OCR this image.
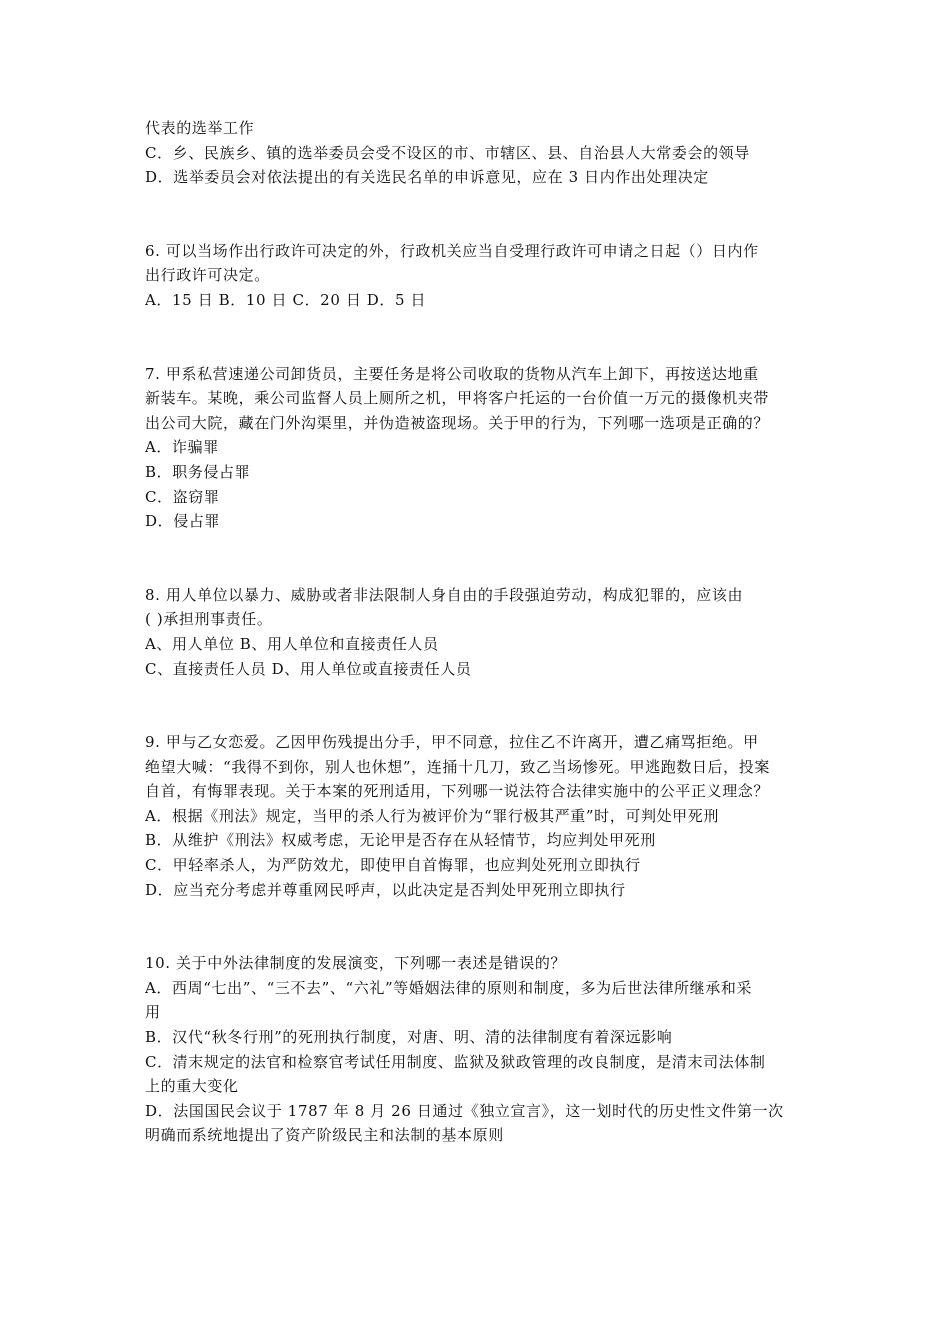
代表的选举工作
C．乡、民族乡、镇的选举委员会受不设区的市、市辖区、县、自治县人大常委会的领导
D．选举委员会对依法提出的有关选民名单的申诉意见，应在 3 日内作出处理决定
6. 可以当场作出行政许可决定的外，行政机关应当自受理行政许可申请之日起（）日内作
出行政许可决定。
A．15 日 B．10 日 C．20 日 D．5 日
7. 甲系私营速递公司卸货员，主要任务是将公司收取的货物从汽车上卸下，再按送达地重
新装车。某晚，乘公司监督人员上厕所之机，甲将客户托运的一台价值一万元的摄像机夹带
出公司大院，藏在门外沟渠里，并伪造被盗现场。关于甲的行为，下列哪一选项是正确的？
A．诈骗罪
B．职务侵占罪
C．盗窃罪
D．侵占罪
8. 用人单位以暴力、威胁或者非法限制人身自由的手段强迫劳动，构成犯罪的，应该由
( )承担刑事责任。
A、用人单位 B、用人单位和直接责任人员
C、直接责任人员 D、用人单位或直接责任人员
9. 甲与乙女恋爱。乙因甲伤残提出分手，甲不同意，拉住乙不许离开，遭乙痛骂拒绝。甲
绝望大喊：“我得不到你，别人也休想”，连捅十几刀，致乙当场惨死。甲逃跑数日后，投案
自首，有悔罪表现。关于本案的死刑适用，下列哪一说法符合法律实施中的公平正义理念？
A．根据《刑法》规定，当甲的杀人行为被评价为“罪行极其严重”时，可判处甲死刑
B．从维护《刑法》权威考虑，无论甲是否存在从轻情节，均应判处甲死刑
C．甲轻率杀人，为严防效尤，即使甲自首悔罪，也应判处死刑立即执行
D．应当充分考虑并尊重网民呼声，以此决定是否判处甲死刑立即执行
10. 关于中外法律制度的发展演变，下列哪一表述是错误的？
A．西周“七出”、“三不去”、“六礼”等婚姻法律的原则和制度，多为后世法律所继承和采
用
B．汉代“秋冬行刑”的死刑执行制度，对唐、明、清的法律制度有着深远影响
C．清末规定的法官和检察官考试任用制度、监狱及狱政管理的改良制度，是清末司法体制
上的重大变化
D．法国国民会议于 1787 年 8 月 26 日通过《独立宣言》，这一划时代的历史性文件第一次
明确而系统地提出了资产阶级民主和法制的基本原则
